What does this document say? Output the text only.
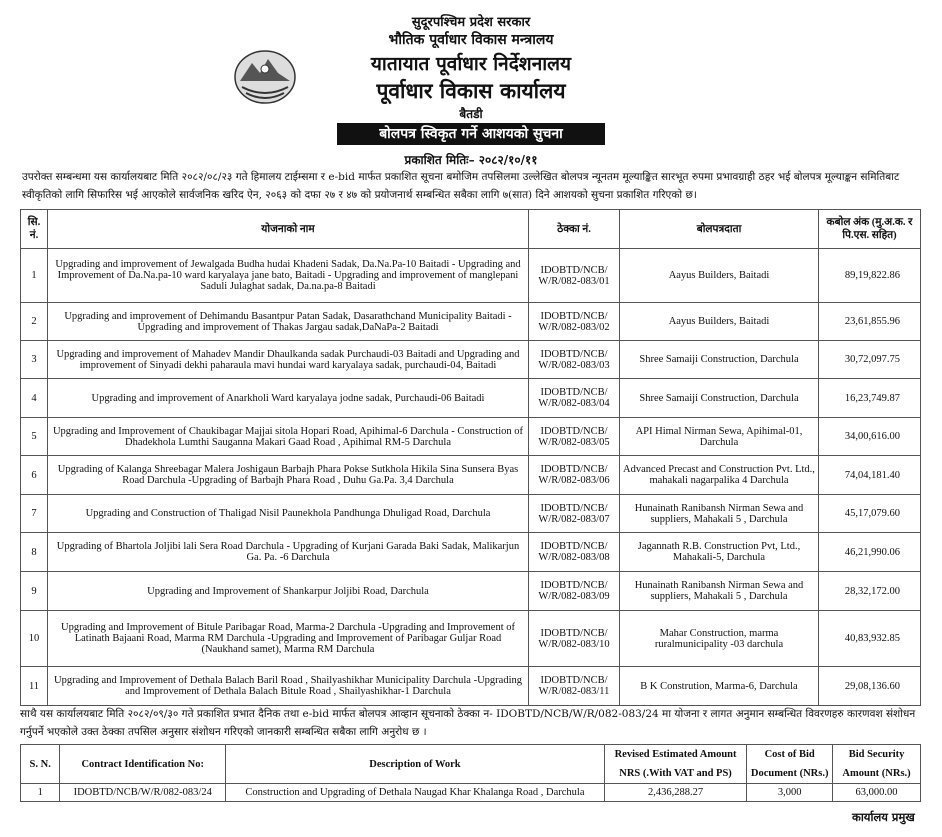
सुदूरपश्चिम प्रदेश सरकार
भौतिक पूर्वाधार विकास मन्त्रालय
यातायात पूर्वाधार निर्देशनालय
पूर्वाधार विकास कार्यालय
बैतडी
बोलपत्र स्विकृत गर्ने आशयको सुचना
प्रकाशित मितिः– २०८२/१०/११
उपरोक्त सम्बन्धमा यस कार्यालयबाट मिति २०८२/०८/२३ गते हिमालय टाईम्समा र e-bid मार्फत प्रकाशित सूचना बमोजिम तपसिलमा उल्लेखित बोलपत्र न्यूनतम मूल्याङ्कित सारभूत रुपमा प्रभावग्राही ठहर भई बोलपत्र मूल्याङ्कन समितिबाट स्वीकृतिको लागि सिफारिस भई आएकोले सार्वजनिक खरिद ऐन, २०६३ को दफा २७ र ४७ को प्रयोजनार्थ सम्बन्धित सबैका लागि ७(सात) दिने आशयको सुचना प्रकाशित गरिएको छ।
सि. नं.	योजनाको नाम	ठेक्का नं.	बोलपत्रदाता	कबोल अंक (मु.अ.क. र पि.एस. सहित)
1	Upgrading and improvement of Jewalgada Budha hudai Khadeni Sadak, Da.Na.Pa-10 Baitadi - Upgrading and Improvement of Da.Na.pa-10 ward karyalaya jane bato, Baitadi - Upgrading and improvement of manglepani Saduli Julaghat sadak, Da.na.pa-8 Baitadi	IDOBTD/NCB/ W/R/082-083/01	Aayus Builders, Baitadi	89,19,822.86
2	Upgrading and improvement of Dehimandu Basantpur Patan Sadak, Dasarathchand Municipality Baitadi -Upgrading and improvement of Thakas Jargau sadak,DaNaPa-2 Baitadi	IDOBTD/NCB/ W/R/082-083/02	Aayus Builders, Baitadi	23,61,855.96
3	Upgrading and improvement of Mahadev Mandir Dhaulkanda sadak Purchaudi-03 Baitadi and Upgrading and improvement of Sinyadi dekhi paharaula mavi hundai ward karyalaya sadak, purchaudi-04, Baitadi	IDOBTD/NCB/ W/R/082-083/03	Shree Samaiji Construction, Darchula	30,72,097.75
4	Upgrading and improvement of Anarkholi Ward karyalaya jodne sadak, Purchaudi-06 Baitadi	IDOBTD/NCB/ W/R/082-083/04	Shree Samaiji Construction, Darchula	16,23,749.87
5	Upgrading and Improvement of Chaukibagar Majjai sitola Hopari Road, Apihimal-6 Darchula - Construction of Dhadekhola Lumthi Sauganna Makari Gaad Road , Apihimal RM-5 Darchula	IDOBTD/NCB/ W/R/082-083/05	API Himal Nirman Sewa, Apihimal-01, Darchula	34,00,616.00
6	Upgrading of Kalanga Shreebagar Malera Joshigaun Barbajh Phara Pokse Sutkhola Hikila Sina Sunsera Byas Road Darchula -Upgrading of Barbajh Phara Road , Duhu Ga.Pa. 3,4 Darchula	IDOBTD/NCB/ W/R/082-083/06	Advanced Precast and Construction Pvt. Ltd., mahakali nagarpalika 4 Darchula	74,04,181.40
7	Upgrading and Construction of Thaligad Nisil Paunekhola Pandhunga Dhuligad Road, Darchula	IDOBTD/NCB/ W/R/082-083/07	Hunainath Ranibansh Nirman Sewa and suppliers, Mahakali 5 , Darchula	45,17,079.60
8	Upgrading of Bhartola Joljibi lali Sera Road Darchula - Upgrading of Kurjani Garada Baki Sadak, Malikarjun Ga. Pa. -6 Darchula	IDOBTD/NCB/ W/R/082-083/08	Jagannath R.B. Construction Pvt, Ltd., Mahakali-5, Darchula	46,21,990.06
9	Upgrading and Improvement of Shankarpur Joljibi Road, Darchula	IDOBTD/NCB/ W/R/082-083/09	Hunainath Ranibansh Nirman Sewa and suppliers, Mahakali 5 , Darchula	28,32,172.00
10	Upgrading and Improvement of Bitule Paribagar Road, Marma-2 Darchula -Upgrading and Improvement of Latinath Bajaani Road, Marma RM Darchula -Upgrading and Improvement of Paribagar Guljar Road (Naukhand samet), Marma RM Darchula	IDOBTD/NCB/ W/R/082-083/10	Mahar Construction, marma ruralmunicipality -03 darchula	40,83,932.85
11	Upgrading and Improvement of Dethala Balach Baril Road , Shailyashikhar Municipality Darchula -Upgrading and Improvement of Dethala Balach Bitule Road , Shailyashikhar-1 Darchula	IDOBTD/NCB/ W/R/082-083/11	B K Constrution, Marma-6, Darchula	29,08,136.60
साथै यस कार्यालयबाट मिति २०८२/०९/३० गते प्रकाशित प्रभात दैनिक तथा e-bid मार्फत बोलपत्र आव्हान सूचनाको ठेक्का न- IDOBTD/NCB/W/R/082-083/24 मा योजना र लागत अनुमान सम्बन्धित विवरणहरु कारणवश संशोधन गर्नुपर्ने भएकोले उक्त ठेक्का तपसिल अनुसार संशोधन गरिएको जानकारी सम्बन्धित सबैका लागि अनुरोध छ ।
S. N.	Contract Identification No:	Description of Work	Revised Estimated Amount NRS (.With VAT and PS)	Cost of Bid Document (NRs.)	Bid Security Amount (NRs.)
1	IDOBTD/NCB/W/R/082-083/24	Construction and Upgrading of Dethala Naugad Khar Khalanga Road , Darchula	2,436,288.27	3,000	63,000.00
कार्यालय प्रमुख
